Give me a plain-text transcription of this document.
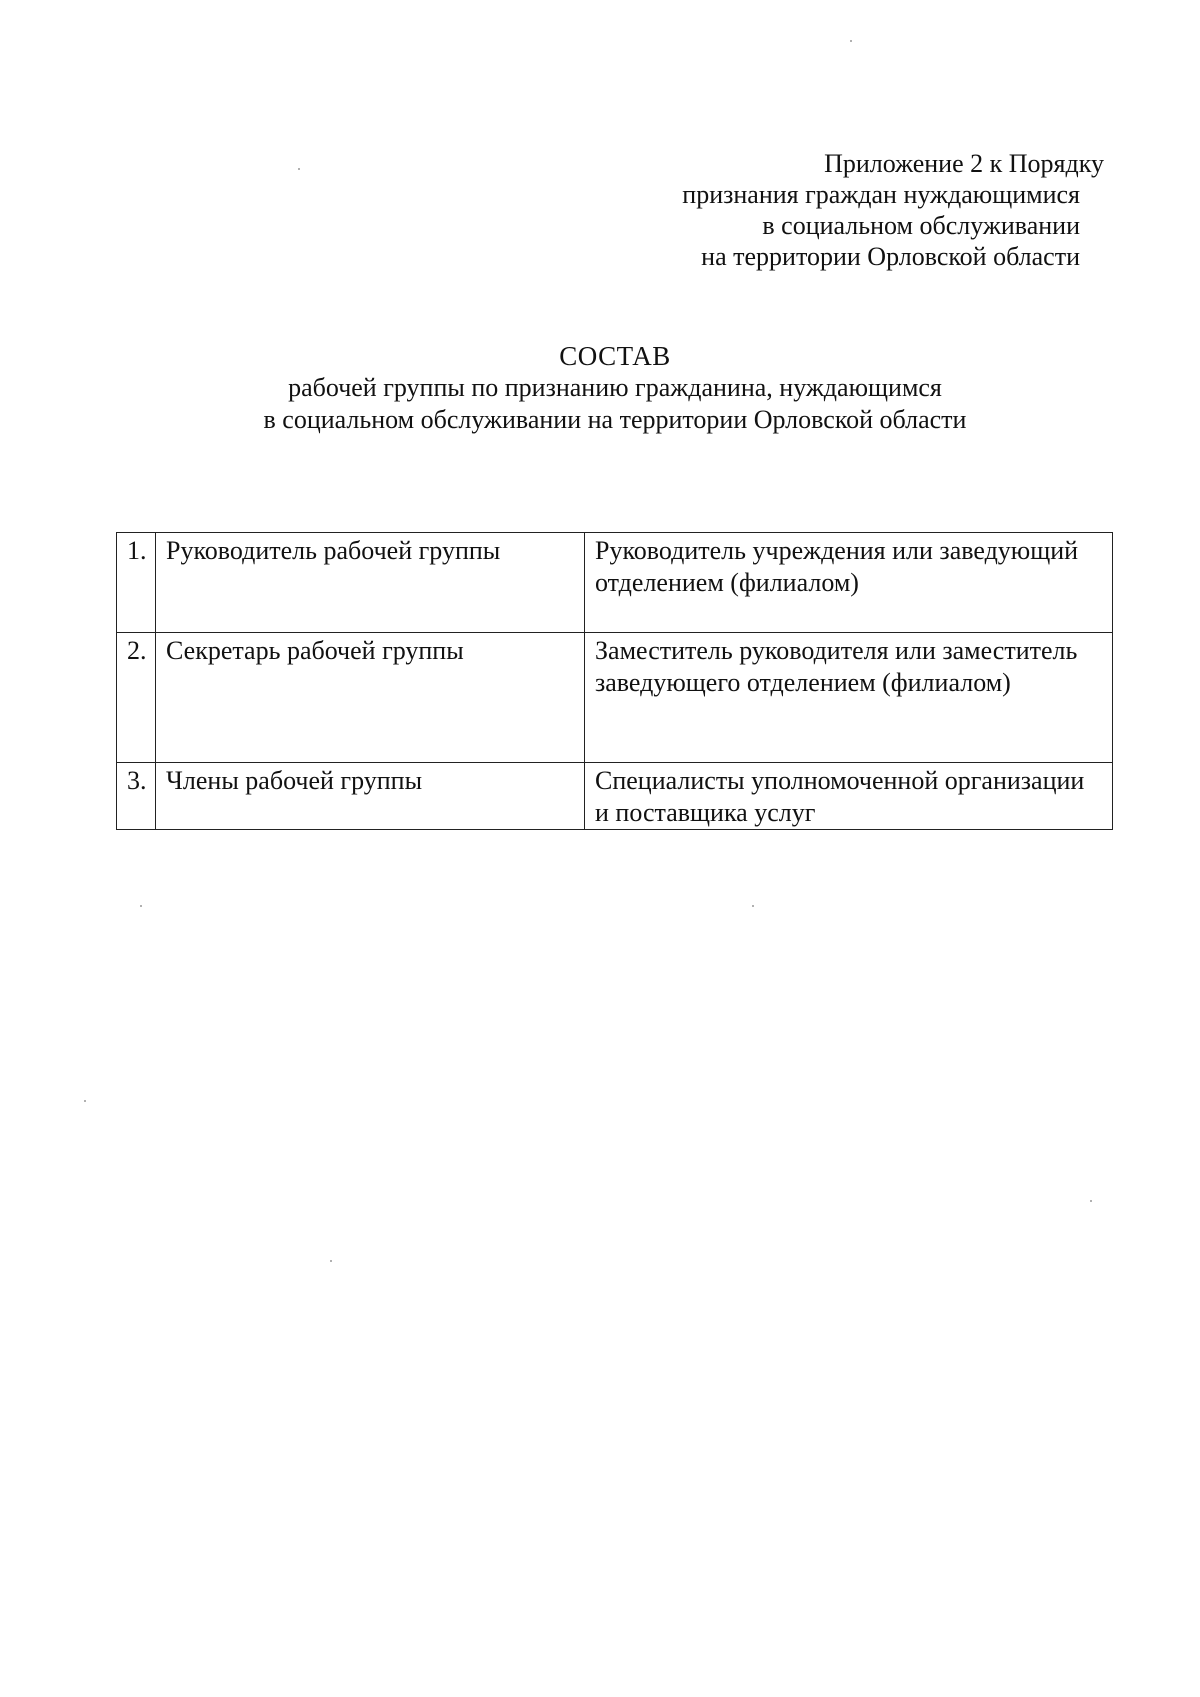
Приложение 2 к Порядку
признания граждан нуждающимися
в социальном обслуживании
на территории Орловской области
СОСТАВ
рабочей группы по признанию гражданина, нуждающимся
в социальном обслуживании на территории Орловской области
1.	Руководитель рабочей группы	Руководитель учреждения или заведующий отделением (филиалом)
2.	Секретарь рабочей группы	Заместитель руководителя или заместитель заведующего отделением (филиалом)
3.	Члены рабочей группы	Специалисты уполномоченной организации и поставщика услуг
